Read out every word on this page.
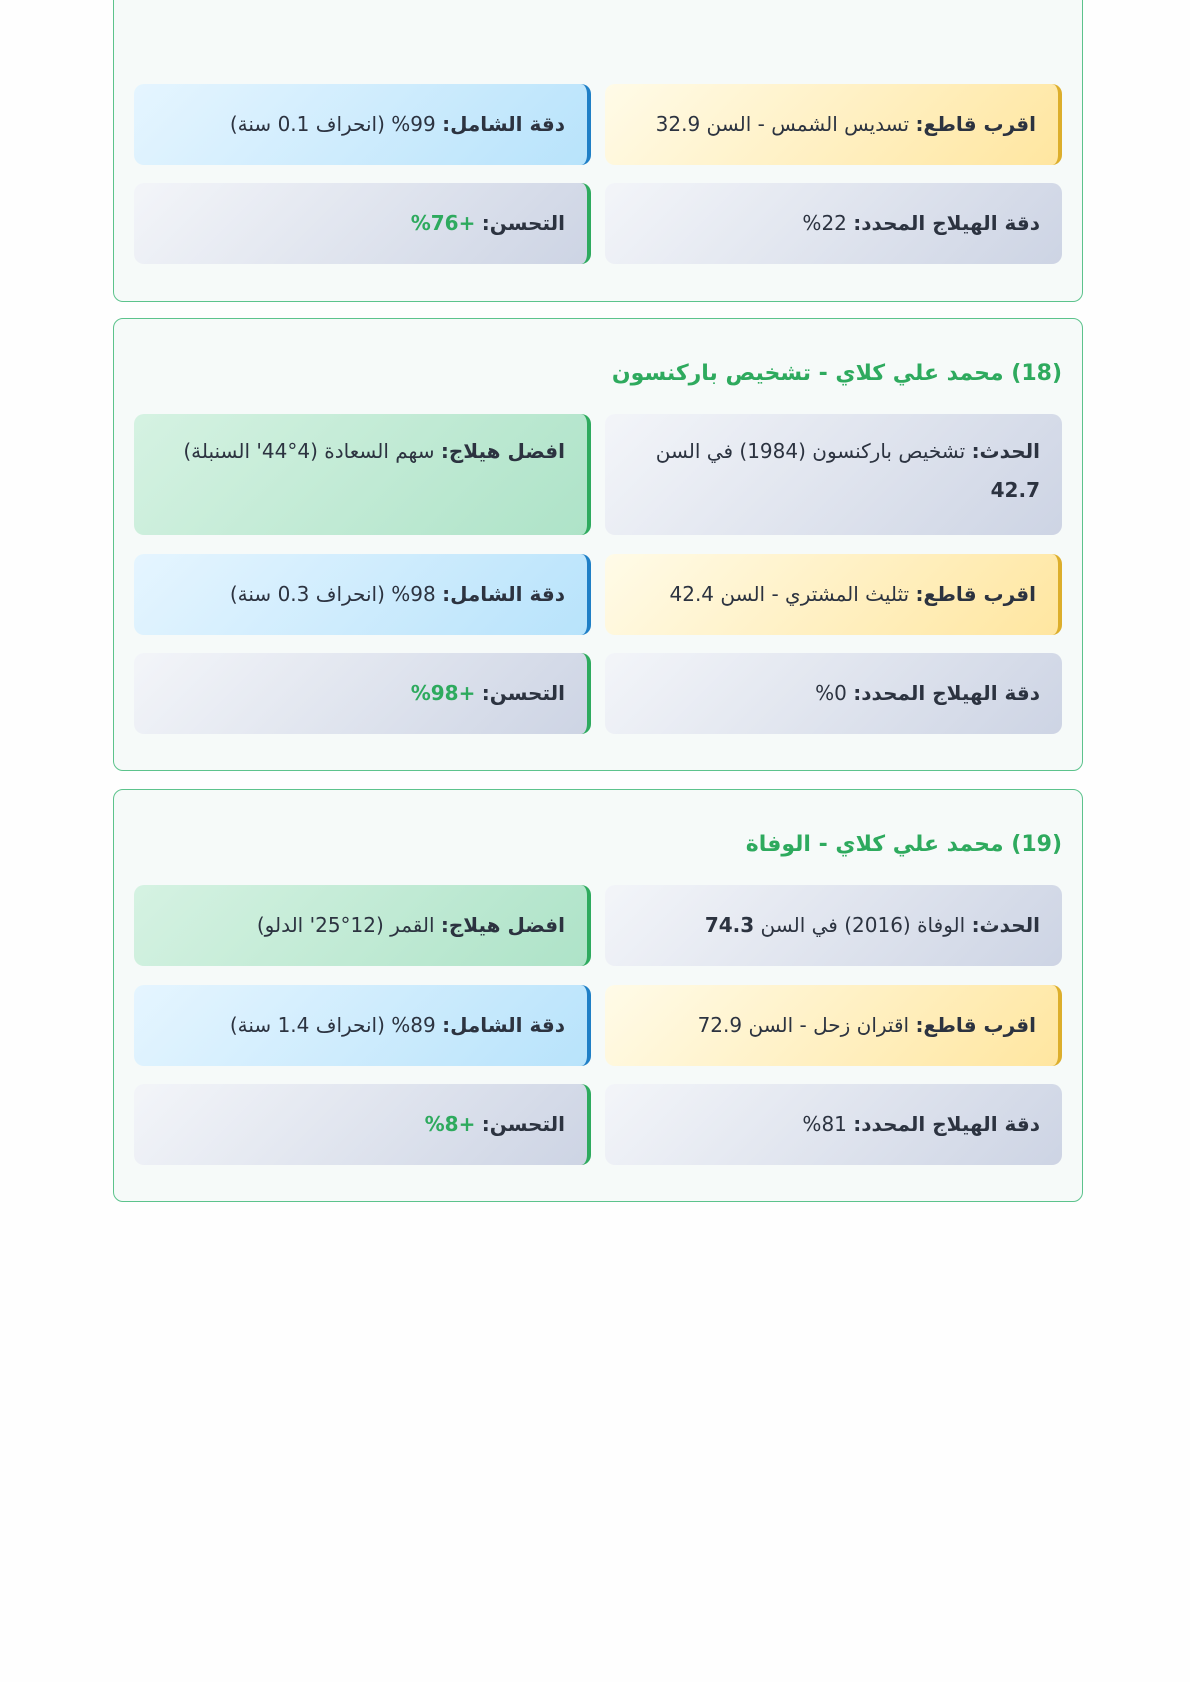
اقرب قاطع: تسديس الشمس - السن 32.9
دقة الشامل: 99% (انحراف 0.1 سنة)
دقة الهيلاج المحدد: 22%
التحسن: +76%
(18) محمد علي كلاي - تشخيص باركنسون
الحدث: تشخيص باركنسون (1984) في السن 42.7
افضل هيلاج: سهم السعادة (4°44' السنبلة)
اقرب قاطع: تثليث المشتري - السن 42.4
دقة الشامل: 98% (انحراف 0.3 سنة)
دقة الهيلاج المحدد: 0%
التحسن: +98%
(19) محمد علي كلاي - الوفاة
الحدث: الوفاة (2016) في السن 74.3
افضل هيلاج: القمر (12°25' الدلو)
اقرب قاطع: اقتران زحل - السن 72.9
دقة الشامل: 89% (انحراف 1.4 سنة)
دقة الهيلاج المحدد: 81%
التحسن: +8%
